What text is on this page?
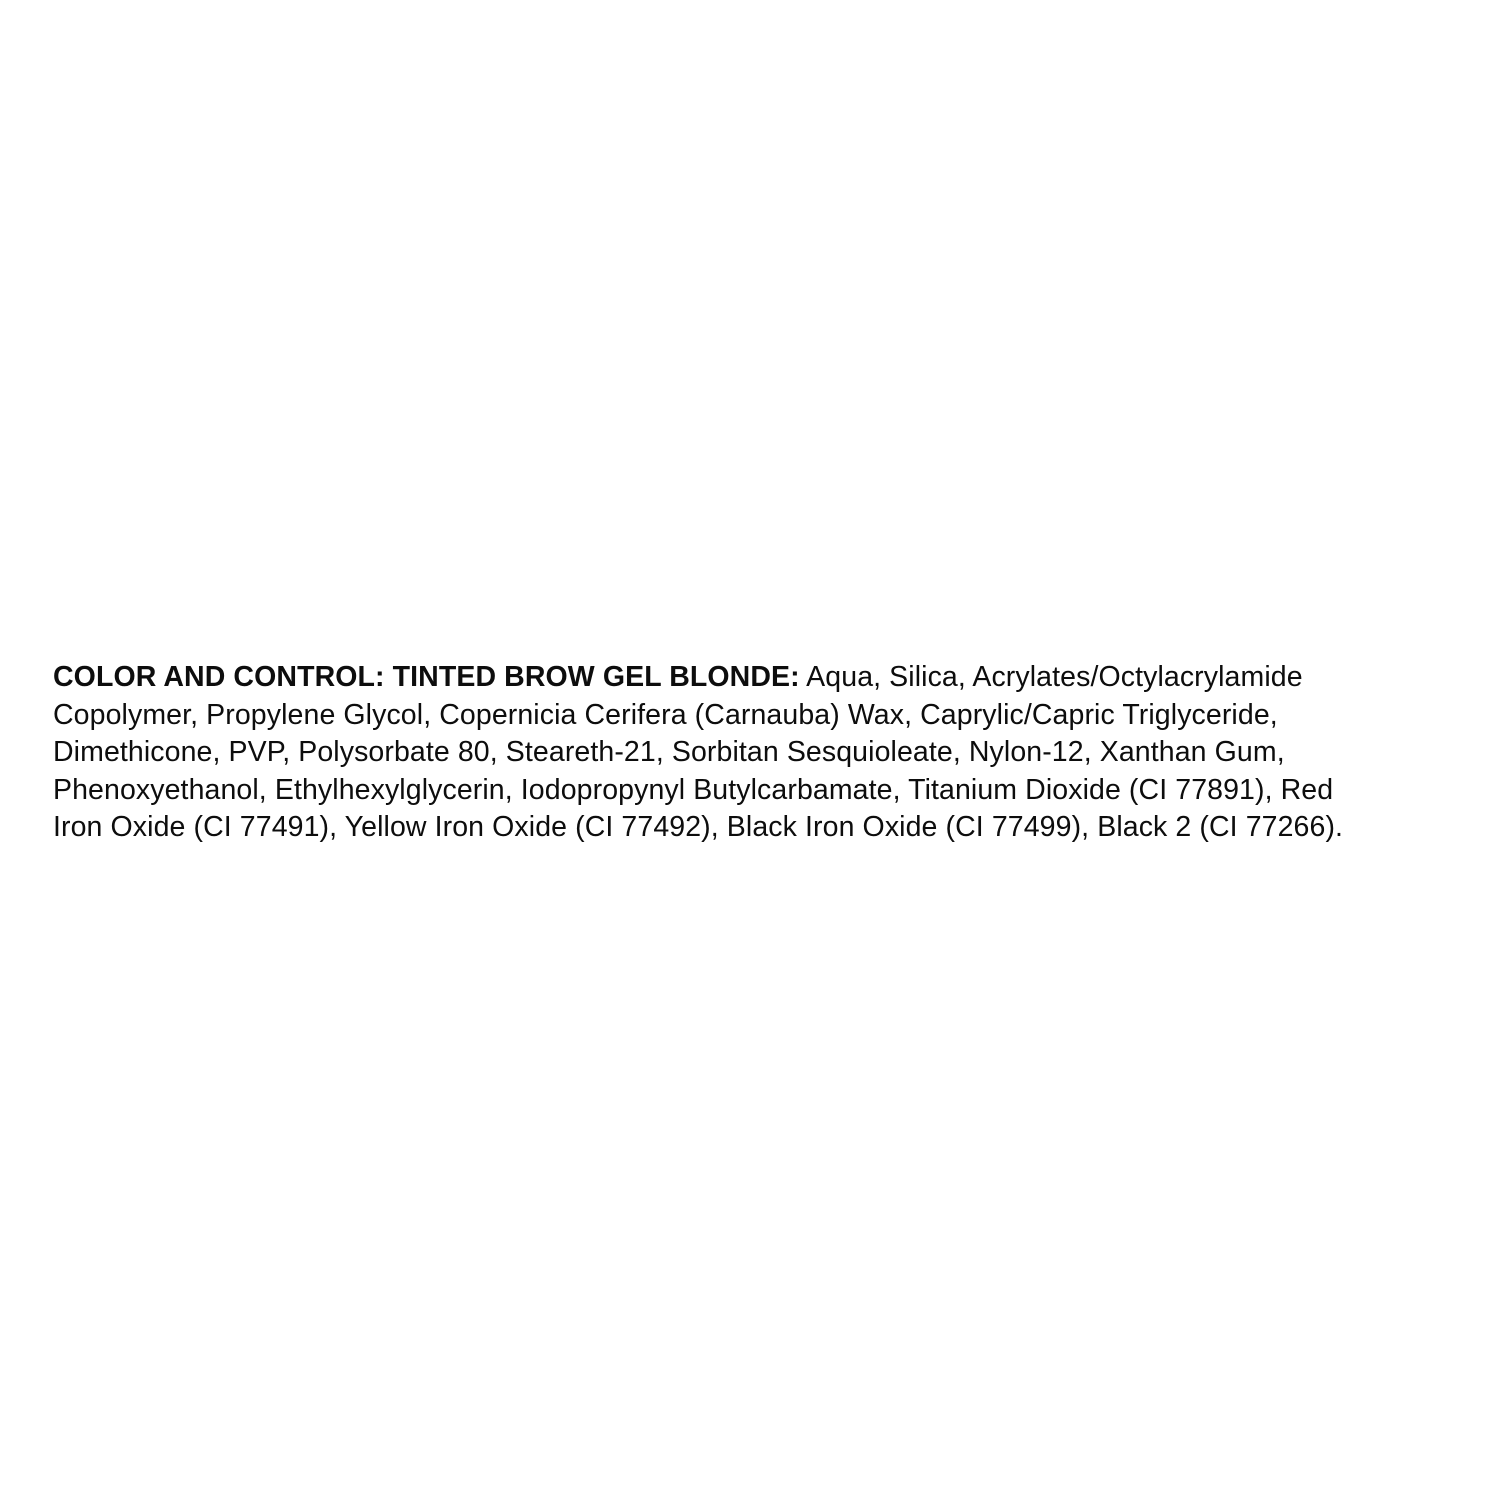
COLOR AND CONTROL: TINTED BROW GEL BLONDE: Aqua, Silica, Acrylates/Octylacrylamide
Copolymer, Propylene Glycol, Copernicia Cerifera (Carnauba) Wax, Caprylic/Capric Triglyceride,
Dimethicone, PVP, Polysorbate 80, Steareth-21, Sorbitan Sesquioleate, Nylon-12, Xanthan Gum,
Phenoxyethanol, Ethylhexylglycerin, Iodopropynyl Butylcarbamate, Titanium Dioxide (CI 77891), Red
Iron Oxide (CI 77491), Yellow Iron Oxide (CI 77492), Black Iron Oxide (CI 77499), Black 2 (CI 77266).
